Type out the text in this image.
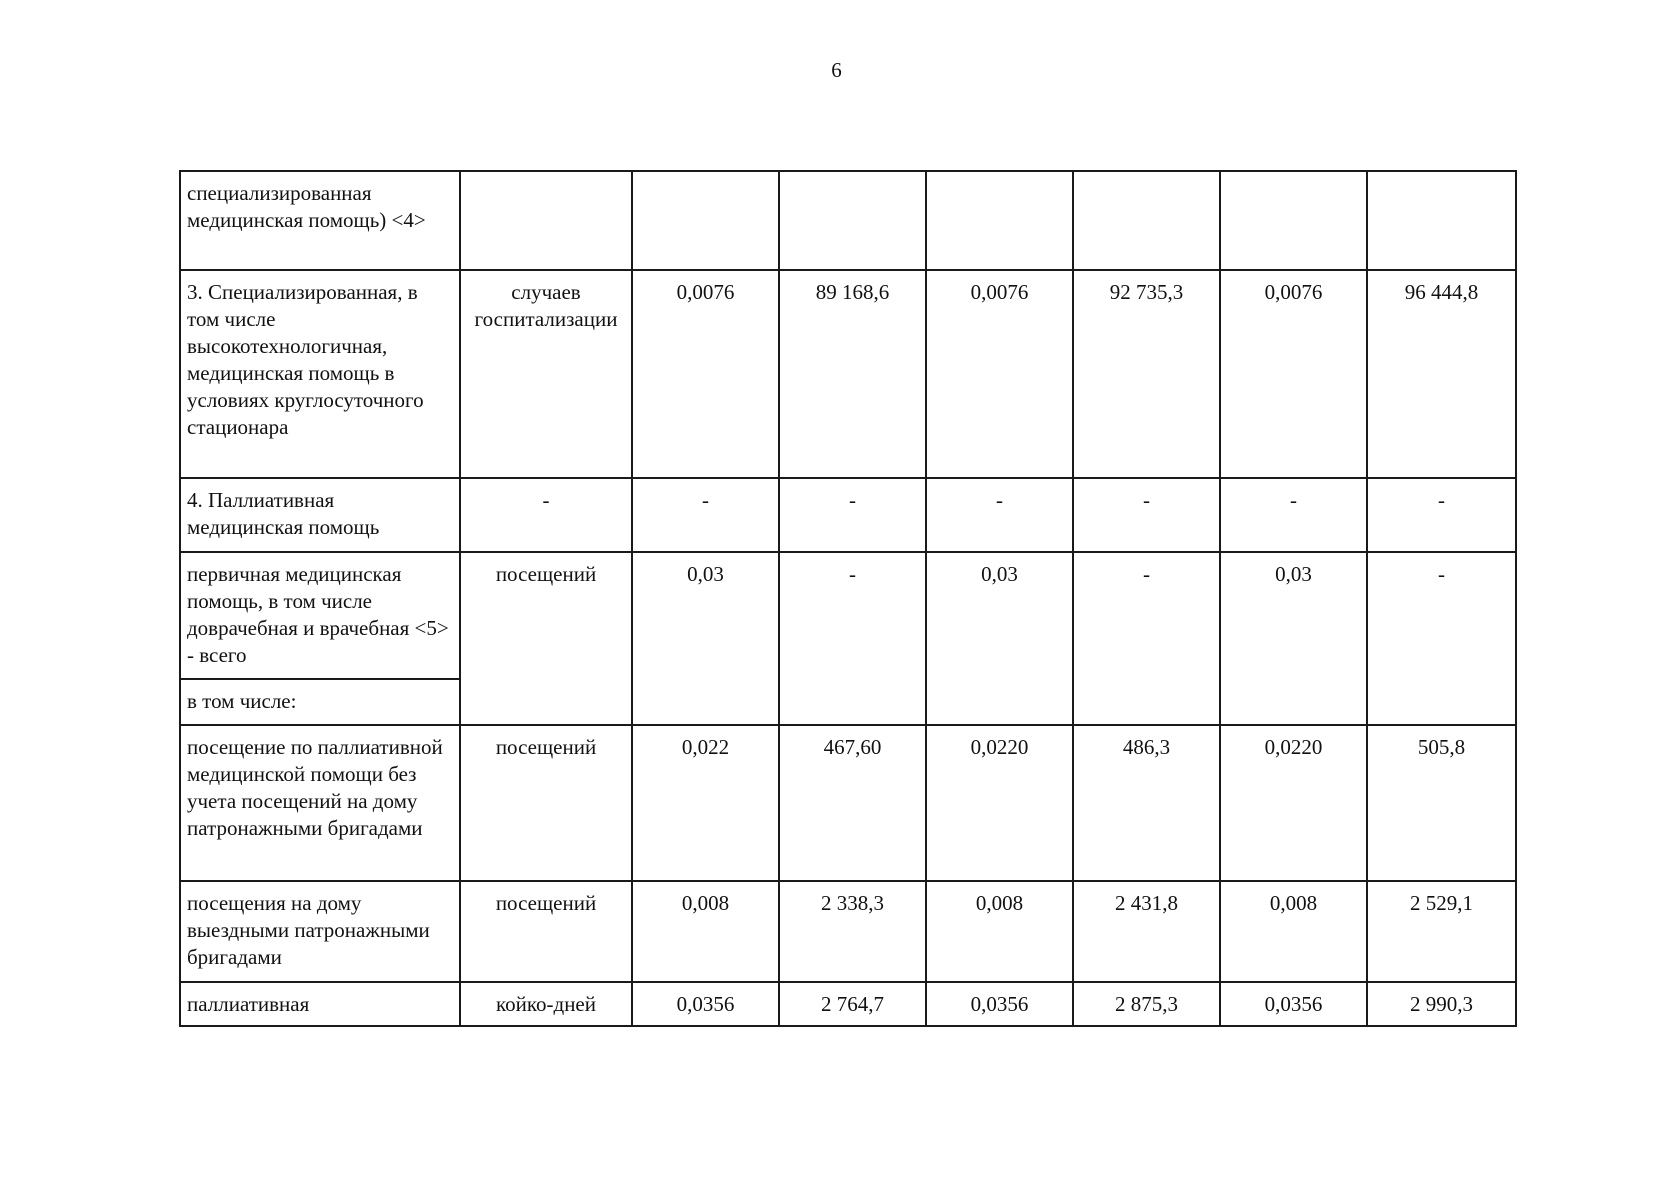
6
специализированная медицинская помощь) <4>							
3. Специализированная, в том числе высокотехнологичная, медицинская помощь в условиях круглосуточного стационара	случаев госпитализации	0,0076	89 168,6	0,0076	92 735,3	0,0076	96 444,8
4. Паллиативная медицинская помощь	-	-	-	-	-	-	-
первичная медицинская помощь, в том числе доврачебная и врачебная <5> - всего	посещений	0,03	-	0,03	-	0,03	-
в том числе:							
посещение по паллиативной медицинской помощи без учета посещений на дому патронажными бригадами	посещений	0,022	467,60	0,0220	486,3	0,0220	505,8
посещения на дому выездными патронажными бригадами	посещений	0,008	2 338,3	0,008	2 431,8	0,008	2 529,1
паллиативная	койко-дней	0,0356	2 764,7	0,0356	2 875,3	0,0356	2 990,3
